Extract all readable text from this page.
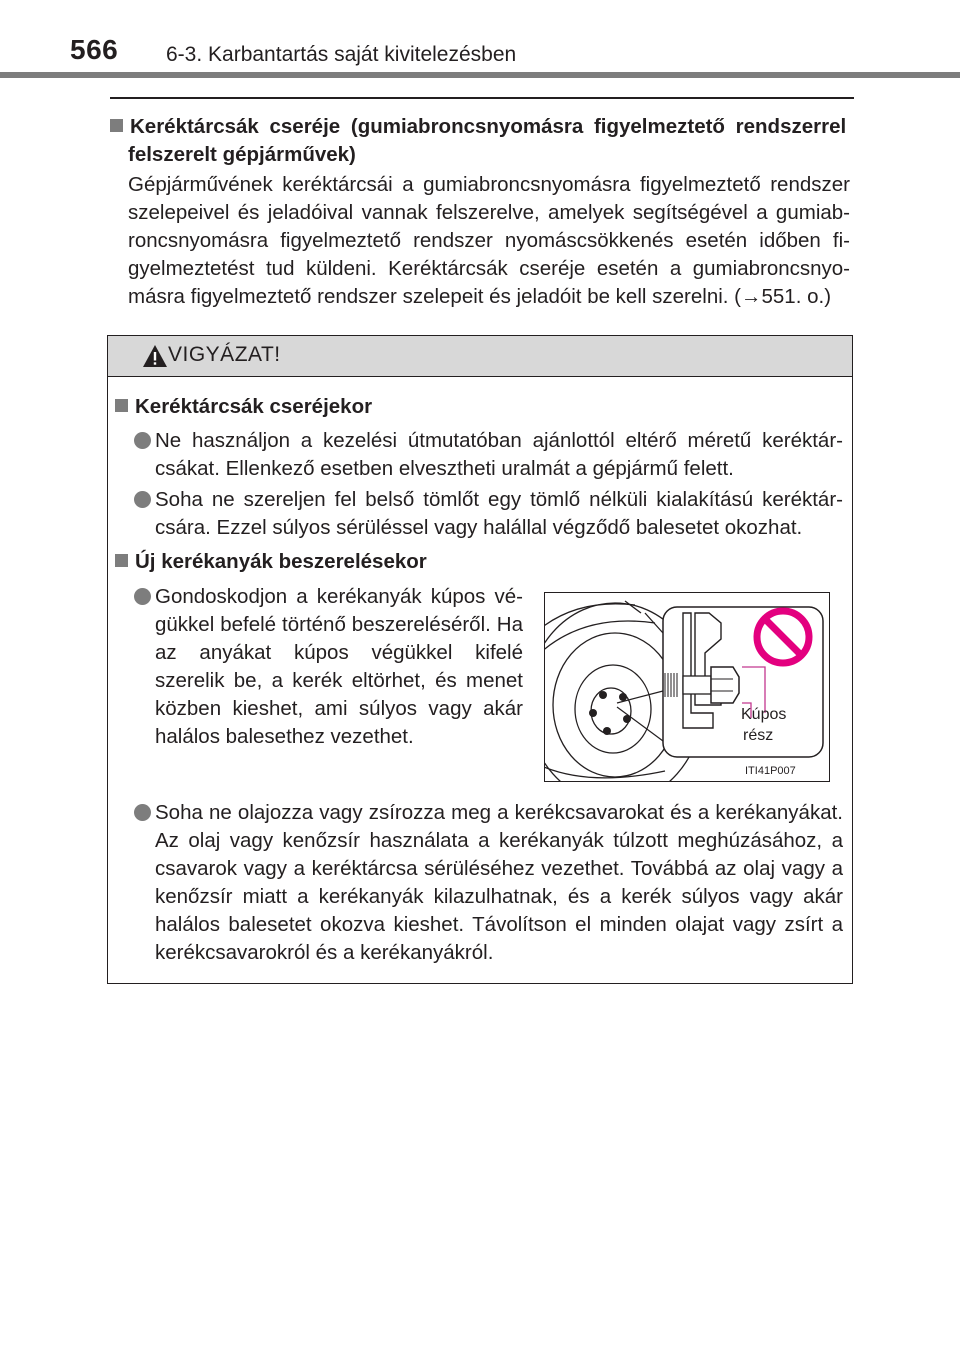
566 6-3. Karbantartás saját kivitelezésben
Keréktárcsák cseréje (gumiabroncsnyomásra figyelmeztető rendszerrel
felszerelt gépjárművek)
Gépjárművének keréktárcsái a gumiabroncsnyomásra figyelmeztető rendszer szelepeivel és jeladóival vannak felszerelve, amelyek segítségével a gumiabroncsnyomásra figyelmeztető rendszer nyomáscsökkenés esetén időben figyelmeztetést tud küldeni. Keréktárcsák cseréje esetén a gumiabroncsnyomásra figyelmeztető rendszer szelepeit és jeladóit be kell szerelni. (→551. o.)
VIGYÁZAT!
Keréktárcsák cseréjekor
Ne használjon a kezelési útmutatóban ajánlottól eltérő méretű keréktárcsákat. Ellenkező esetben elvesztheti uralmát a gépjármű felett.
Soha ne szereljen fel belső tömlőt egy tömlő nélküli kialakítású keréktárcsára. Ezzel súlyos sérüléssel vagy halállal végződő balesetet okozhat.
Új kerékanyák beszerelésekor
Gondoskodjon a kerékanyák kúpos végükkel befelé történő beszereléséről. Ha az anyákat kúpos végükkel kifelé szerelik be, a kerék eltörhet, és menet közben kieshet, ami súlyos vagy akár halálos balesethez vezethet.
Kúpos
rész
ITI41P007
Soha ne olajozza vagy zsírozza meg a kerékcsavarokat és a kerékanyákat. Az olaj vagy kenőzsír használata a kerékanyák túlzott meghúzásához, a csavarok vagy a keréktárcsa sérüléséhez vezethet. Továbbá az olaj vagy a kenőzsír miatt a kerékanyák kilazulhatnak, és a kerék súlyos vagy akár halálos balesetet okozva kieshet. Távolítson el minden olajat vagy zsírt a kerékcsavarokról és a kerékanyákról.
